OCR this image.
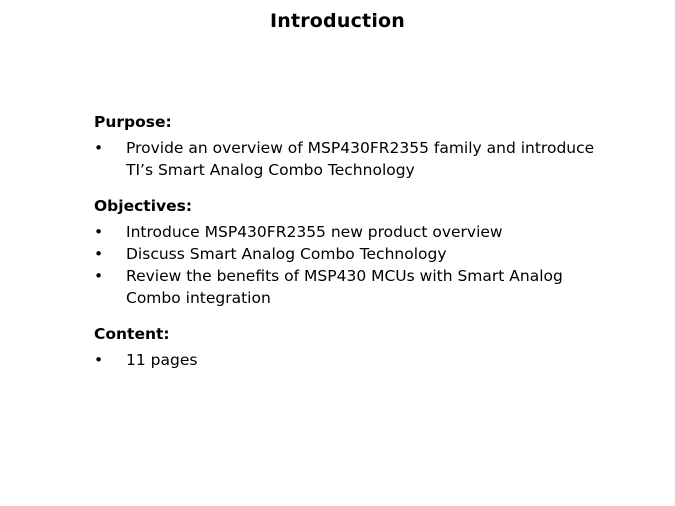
Introduction
Purpose:
• Provide an overview of MSP430FR2355 family and introduce TI’s Smart Analog Combo Technology
Objectives:
• Introduce MSP430FR2355 new product overview
• Discuss Smart Analog Combo Technology
• Review the benefits of MSP430 MCUs with Smart Analog Combo integration
Content:
• 11 pages
